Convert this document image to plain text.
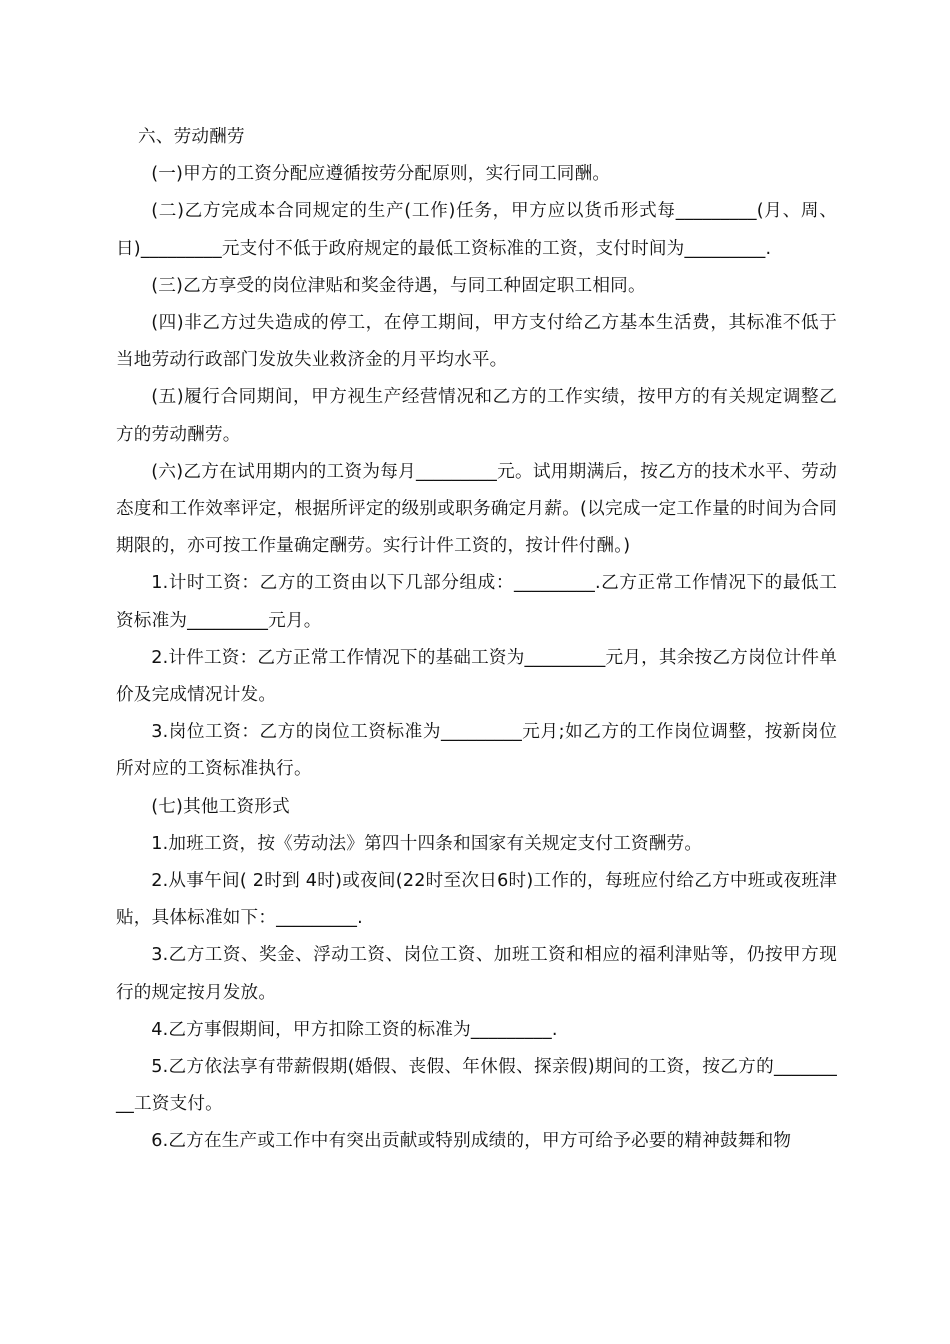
六、劳动酬劳

(一)甲方的工资分配应遵循按劳分配原则，实行同工同酬。

(二)乙方完成本合同规定的生产(工作)任务，甲方应以货币形式每_________(月、周、日)_________元支付不低于政府规定的最低工资标准的工资，支付时间为_________.

(三)乙方享受的岗位津贴和奖金待遇，与同工种固定职工相同。

(四)非乙方过失造成的停工，在停工期间，甲方支付给乙方基本生活费，其标准不低于当地劳动行政部门发放失业救济金的月平均水平。

(五)履行合同期间，甲方视生产经营情况和乙方的工作实绩，按甲方的有关规定调整乙方的劳动酬劳。

(六)乙方在试用期内的工资为每月_________元。试用期满后，按乙方的技术水平、劳动态度和工作效率评定，根据所评定的级别或职务确定月薪。(以完成一定工作量的时间为合同期限的，亦可按工作量确定酬劳。实行计件工资的，按计件付酬。)

1.计时工资：乙方的工资由以下几部分组成：_________.乙方正常工作情况下的最低工资标准为_________元月。

2.计件工资：乙方正常工作情况下的基础工资为_________元月，其余按乙方岗位计件单价及完成情况计发。

3.岗位工资：乙方的岗位工资标准为_________元月;如乙方的工作岗位调整，按新岗位所对应的工资标准执行。

(七)其他工资形式

1.加班工资，按《劳动法》第四十四条和国家有关规定支付工资酬劳。

2.从事午间( 2时到 4时)或夜间(22时至次日6时)工作的，每班应付给乙方中班或夜班津贴，具体标准如下：_________.

3.乙方工资、奖金、浮动工资、岗位工资、加班工资和相应的福利津贴等，仍按甲方现行的规定按月发放。

4.乙方事假期间，甲方扣除工资的标准为_________.

5.乙方依法享有带薪假期(婚假、丧假、年休假、探亲假)期间的工资，按乙方的_________工资支付。

6.乙方在生产或工作中有突出贡献或特别成绩的，甲方可给予必要的精神鼓舞和物
